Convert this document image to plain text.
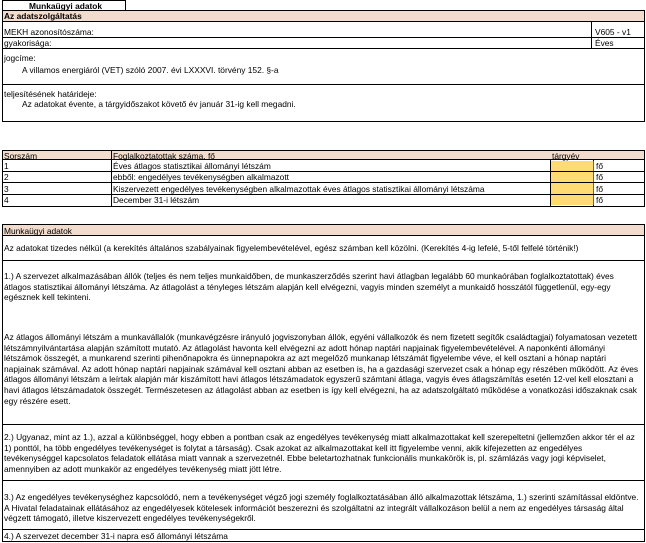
Munkaügyi adatok
Az adatszolgáltatás
MEKH azonosítószáma:	V605 - v1
gyakorisága:	Éves
jogcíme:
A villamos energiáról (VET) szóló 2007. évi LXXXVI. törvény 152. §-a
teljesítésének határideje:
Az adatokat évente, a tárgyidőszakot követő év január 31-ig kell megadni.
Sorszám	Foglalkoztatottak száma, fő	tárgyév
1	Éves átlagos statisztikai állományi létszám	fő
2	ebből: engedélyes tevékenységben alkalmazott	fő
3	Kiszervezett engedélyes tevékenységben alkalmazottak éves átlagos statisztikai állományi létszáma	fő
4	December 31-i létszám	fő
Munkaügyi adatok
Az adatokat tizedes nélkül (a kerekítés általános szabályainak figyelembevételével, egész számban kell közölni. (Kerekítés 4-ig lefelé, 5-től felfelé történik!)
1.) A szervezet alkalmazásában állók (teljes és nem teljes munkaidőben, de munkaszerződés szerint havi átlagban legalább 60 munkaórában foglalkoztatottak) éves átlagos statisztikai állományi létszáma. Az átlagolást a tényleges létszám alapján kell elvégezni, vagyis minden személyt a munkaidő hosszától függetlenül, egy-egy egésznek kell tekinteni.
Az átlagos állományi létszám a munkavállalók (munkavégzésre irányuló jogviszonyban állók, egyéni vállalkozók és nem fizetett segítők családtagjai) folyamatosan vezetett létszámnyilvántartása alapján számított mutató. Az átlagolást havonta kell elvégezni az adott hónap naptári napjainak figyelembevételével. A naponkénti állományi létszámok összegét, a munkarend szerinti pihenőnapokra és ünnepnapokra az azt megelőző munkanap létszámát figyelembe véve, el kell osztani a hónap naptári napjainak számával. Az adott hónap naptári napjainak számával kell osztani abban az esetben is, ha a gazdasági szervezet csak a hónap egy részében működött. Az éves átlagos állományi létszám a leírtak alapján már kiszámított havi átlagos létszámadatok egyszerű számtani átlaga, vagyis éves átlagszámítás esetén 12-vel kell elosztani a havi átlagos létszámadatok összegét. Természetesen az átlagolást abban az esetben is így kell elvégezni, ha az adatszolgáltató működése a vonatkozási időszaknak csak egy részére esett.
2.) Ugyanaz, mint az 1.), azzal a különbséggel, hogy ebben a pontban csak az engedélyes tevékenység miatt alkalmazottakat kell szerepeltetni (jellemzően akkor tér el az 1) ponttól, ha több engedélyes tevékenységet is folytat a társaság). Csak azokat az alkalmazottakat kell itt figyelembe venni, akik kifejezetten az engedélyes tevékenységgel kapcsolatos feladatok ellátása miatt vannak a szervezetnél. Ebbe beletartozhatnak funkcionális munkakörök is, pl. számlázás vagy jogi képviselet, amennyiben az adott munkakör az engedélyes tevékenység miatt jött létre.
3.) Az engedélyes tevékenységhez kapcsolódó, nem a tevékenységet végző jogi személy foglalkoztatásában álló alkalmazottak létszáma, 1.) szerinti számítással eldöntve. A Hivatal feladatainak ellátásához az engedélyesek kötelesek információt beszerezni és szolgáltatni az integrált vállalkozáson belül a nem az engedélyes társaság által végzett támogató, illetve kiszervezett engedélyes tevékenységekről.
4.) A szervezet december 31-i napra eső állományi létszáma
